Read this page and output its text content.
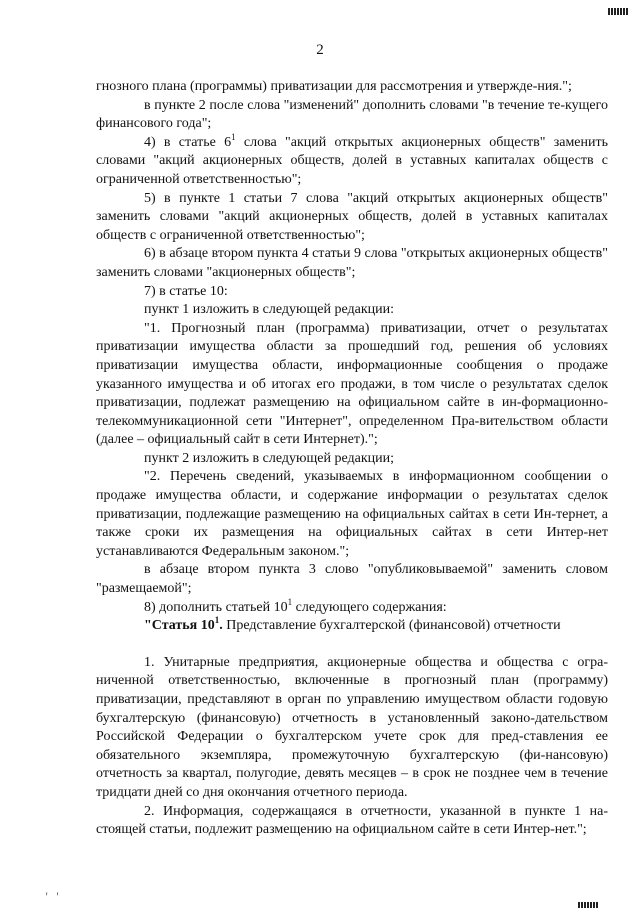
2

гнозного плана (программы) приватизации для рассмотрения и утвержде-ния.";

в пункте 2 после слова "изменений" дополнить словами "в течение те-кущего финансового года";

4) в статье $6^1$ слова "акций открытых акционерных обществ" заменить словами "акций акционерных обществ, долей в уставных капиталах обществ с ограниченной ответственностью";

5) в пункте 1 статьи 7 слова "акций открытых акционерных обществ" заменить словами "акций акционерных обществ, долей в уставных капиталах обществ с ограниченной ответственностью";

6) в абзаце втором пункта 4 статьи 9 слова "открытых акционерных обществ" заменить словами "акционерных обществ";

7) в статье 10:

пункт 1 изложить в следующей редакции:

"1. Прогнозный план (программа) приватизации, отчет о результатах приватизации имущества области за прошедший год, решения об условиях приватизации имущества области, информационные сообщения о продаже указанного имущества и об итогах его продажи, в том числе о результатах сделок приватизации, подлежат размещению на официальном сайте в ин-формационно-телекоммуникационной сети "Интернет", определенном Пра-вительством области (далее – официальный сайт в сети Интернет).";

пункт 2 изложить в следующей редакции;

"2. Перечень сведений, указываемых в информационном сообщении о продаже имущества области, и содержание информации о результатах сделок приватизации, подлежащие размещению на официальных сайтах в сети Ин-тернет, а также сроки их размещения на официальных сайтах в сети Интер-нет устанавливаются Федеральным законом.";

в абзаце втором пункта 3 слово "опубликовываемой" заменить словом "размещаемой";

8) дополнить статьей $10^1$ следующего содержания:

"Статья $10^1$. Представление бухгалтерской (финансовой) отчетности

1. Унитарные предприятия, акционерные общества и общества с огра-ниченной ответственностью, включенные в прогнозный план (программу) приватизации, представляют в орган по управлению имуществом области годовую бухгалтерскую (финансовую) отчетность в установленный законо-дательством Российской Федерации о бухгалтерском учете срок для пред-ставления ее обязательного экземпляра, промежуточную бухгалтерскую (фи-нансовую) отчетность за квартал, полугодие, девять месяцев – в срок не позднее чем в течение тридцати дней со дня окончания отчетного периода.

2. Информация, содержащаяся в отчетности, указанной в пункте 1 на-стоящей статьи, подлежит размещению на официальном сайте в сети Интер-нет.";

' '
